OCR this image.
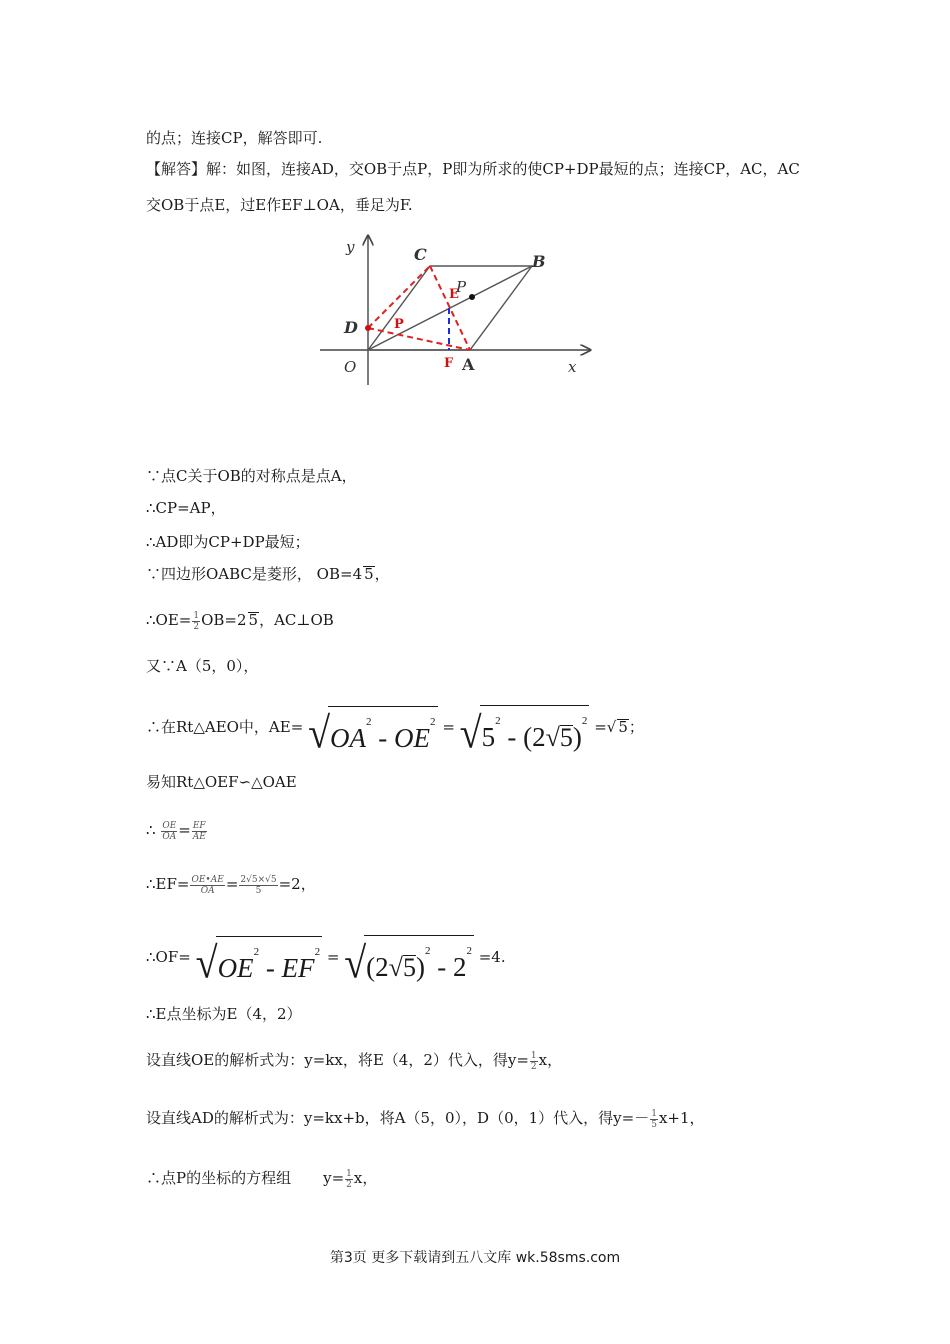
的点；连接CP，解答即可.
【解答】解：如图，连接AD，交OB于点P，P即为所求的使CP+DP最短的点；连接CP，AC，AC交OB于点E，过E作EF⊥OA，垂足为F.
y
x
O
C	B
D
A
P
E
P
F
∵点C关于OB的对称点是点A，
∴CP=AP，
∴AD即为CP+DP最短；
∵四边形OABC是菱形， OB=4 5，
∴OE= $\frac{1}{2} OB=2$ 5，AC⊥OB
又∵A（5，0），
∴在Rt△AEO中，AE= √ $OA^2 - OE^2$ = √ $5^2 - (2√5)^2$ =√ 5；
易知Rt△OEF∽△OAE
∴ $\frac{OE}{OA} = \frac{EF}{AE}$
∴EF= $\frac{OE•AE}{OA} = \frac{2√5\times√5}{5} =2$，
∴OF= √ $OE^2 - EF^2$ = √ $(2√5)^2 - 2^2 =4$.
∴E点坐标为E（4，2）
设直线OE的解析式为：y=kx，将E（4，2）代入，得$y= \frac{1}{2}$ x，
设直线AD的解析式为：y=kx+b，将A（5，0），D（0，1）代入，得$y=- \frac{1}{5} x+1$，
∴点P的坐标的方程组 $y= \frac{1}{2}$ x，
第3页 更多下载请到五八文库 wk.58sms.com
